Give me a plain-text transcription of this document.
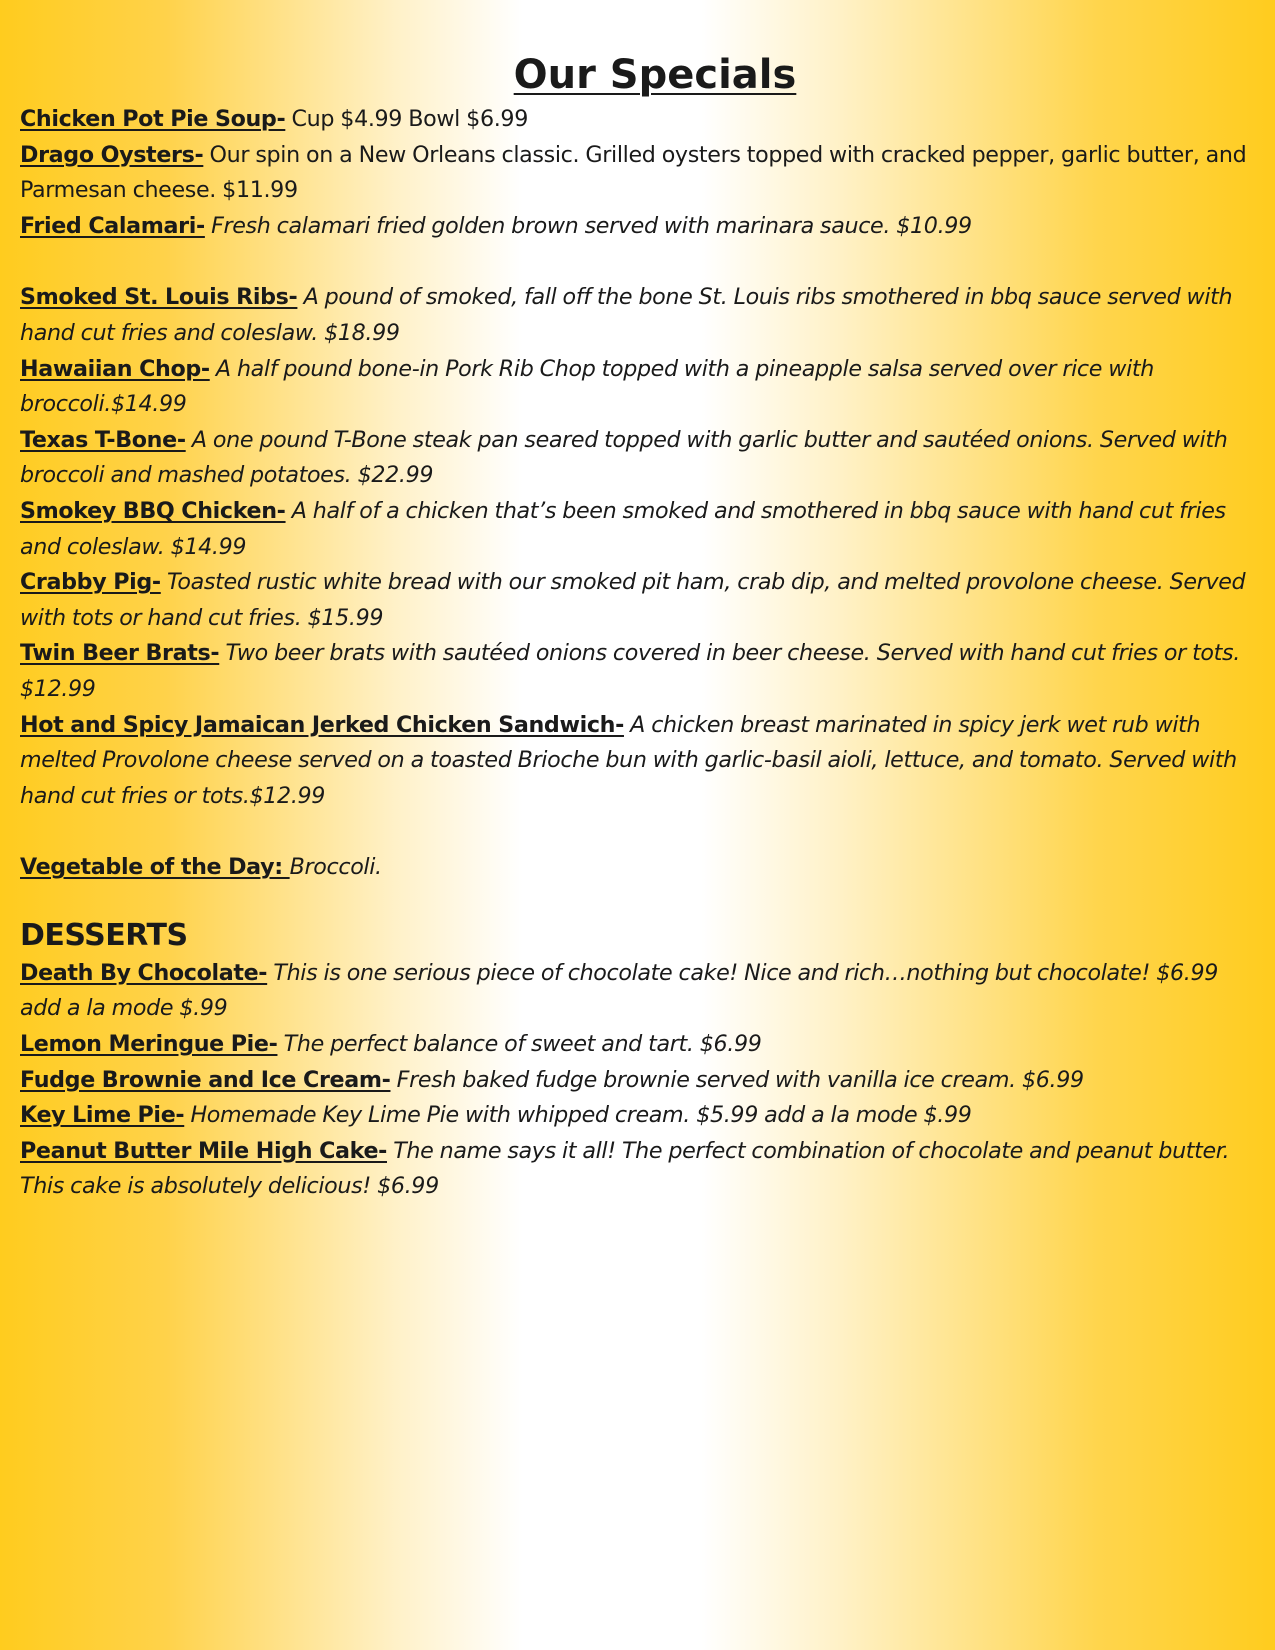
Our Specials

Chicken Pot Pie Soup- Cup $4.99 Bowl $6.99

Drago Oysters- Our spin on a New Orleans classic. Grilled oysters topped with cracked pepper, garlic butter, and Parmesan cheese. $11.99

Fried Calamari- Fresh calamari fried golden brown served with marinara sauce. $10.99

Smoked St. Louis Ribs- A pound of smoked, fall off the bone St. Louis ribs smothered in bbq sauce served with hand cut fries and coleslaw. $18.99

Hawaiian Chop- A half pound bone-in Pork Rib Chop topped with a pineapple salsa served over rice with broccoli.$14.99

Texas T-Bone- A one pound T-Bone steak pan seared topped with garlic butter and sautéed onions. Served with broccoli and mashed potatoes. $22.99

Smokey BBQ Chicken- A half of a chicken that’s been smoked and smothered in bbq sauce with hand cut fries and coleslaw. $14.99

Crabby Pig- Toasted rustic white bread with our smoked pit ham, crab dip, and melted provolone cheese. Served with tots or hand cut fries. $15.99

Twin Beer Brats- Two beer brats with sautéed onions covered in beer cheese. Served with hand cut fries or tots. $12.99

Hot and Spicy Jamaican Jerked Chicken Sandwich- A chicken breast marinated in spicy jerk wet rub with melted Provolone cheese served on a toasted Brioche bun with garlic-basil aioli, lettuce, and tomato. Served with hand cut fries or tots.$12.99

Vegetable of the Day: Broccoli.

DESSERTS

Death By Chocolate- This is one serious piece of chocolate cake! Nice and rich…nothing but chocolate! $6.99 add a la mode $.99

Lemon Meringue Pie- The perfect balance of sweet and tart. $6.99

Fudge Brownie and Ice Cream- Fresh baked fudge brownie served with vanilla ice cream. $6.99

Key Lime Pie- Homemade Key Lime Pie with whipped cream. $5.99 add a la mode $.99

Peanut Butter Mile High Cake- The name says it all! The perfect combination of chocolate and peanut butter. This cake is absolutely delicious! $6.99
